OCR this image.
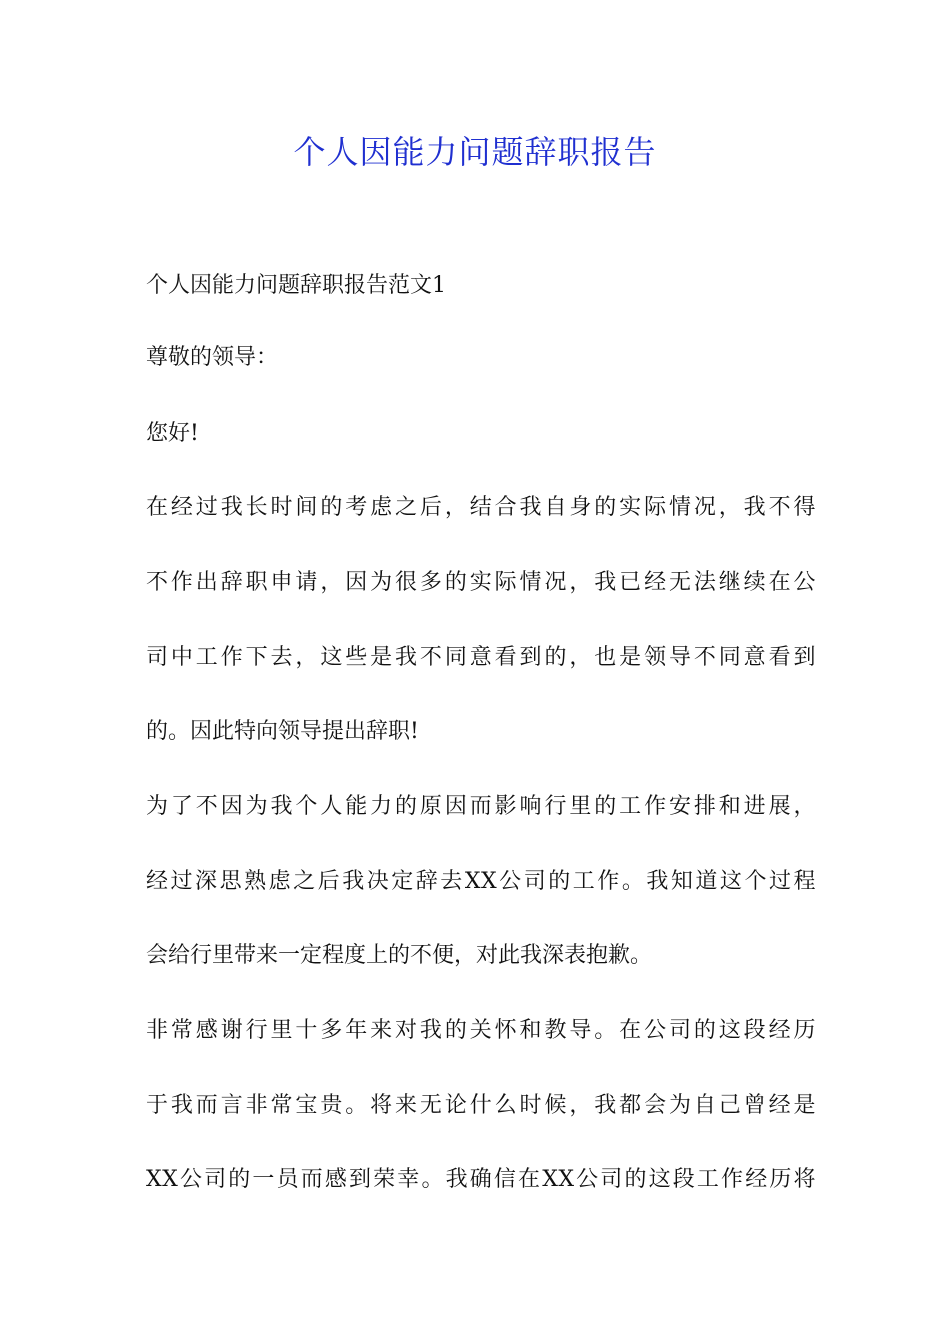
个人因能力问题辞职报告

个人因能力问题辞职报告范文1

尊敬的领导：

您好!

在经过我长时间的考虑之后，结合我自身的实际情况，我不得

不作出辞职申请，因为很多的实际情况，我已经无法继续在公

司中工作下去，这些是我不同意看到的，也是领导不同意看到

的。因此特向领导提出辞职!

为了不因为我个人能力的原因而影响行里的工作安排和进展，

经过深思熟虑之后我决定辞去XX公司的工作。我知道这个过程

会给行里带来一定程度上的不便，对此我深表抱歉。

非常感谢行里十多年来对我的关怀和教导。在公司的这段经历

于我而言非常宝贵。将来无论什么时候，我都会为自己曾经是

XX公司的一员而感到荣幸。我确信在XX公司的这段工作经历将
